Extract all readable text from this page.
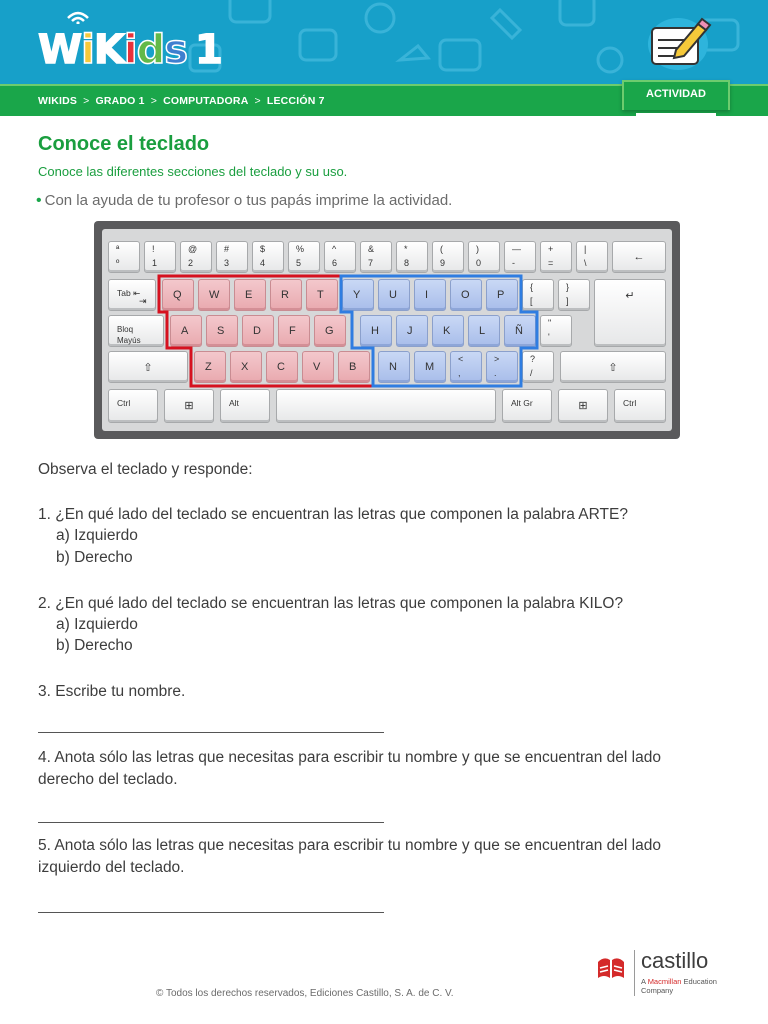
W i K i d s 1
WIKIDS > GRADO 1 > COMPUTADORA > LECCIÓN 7
ACTIVIDAD
Conoce el teclado
Conoce las diferentes secciones del teclado y su uso.
• Con la ayuda de tu profesor o tus papás imprime la actividad.
ª
º
!
1
@
2
#
3
$
4
%
5
^
6
&
7
*
8
(
9
)
0
—
-
+
=
|
\	←
Tab ⇤
⇥ Q	W	E	R	T	Y	U	I	O	P
{
[
}
]	↵
Bloq
Mayús
A	S	D	F	G	H	J	K	L	Ñ
"
'
⇧	Z	X	C	V	B	N	M
<
,
>
.
?
/	⇧
Ctrl	⊞	Alt	Alt Gr	⊞	Ctrl
Observa el teclado y responde:
1. ¿En qué lado del teclado se encuentran las letras que componen la palabra ARTE?
a) Izquierdo
b) Derecho
2. ¿En qué lado del teclado se encuentran las letras que componen la palabra KILO?
a) Izquierdo
b) Derecho
3. Escribe tu nombre.
4. Anota sólo las letras que necesitas para escribir tu nombre y que se encuentran del lado
derecho del teclado.
5. Anota sólo las letras que necesitas para escribir tu nombre y que se encuentran del lado
izquierdo del teclado.
© Todos los derechos reservados, Ediciones Castillo, S. A. de C. V.
castillo
A Macmillan Education
Company
